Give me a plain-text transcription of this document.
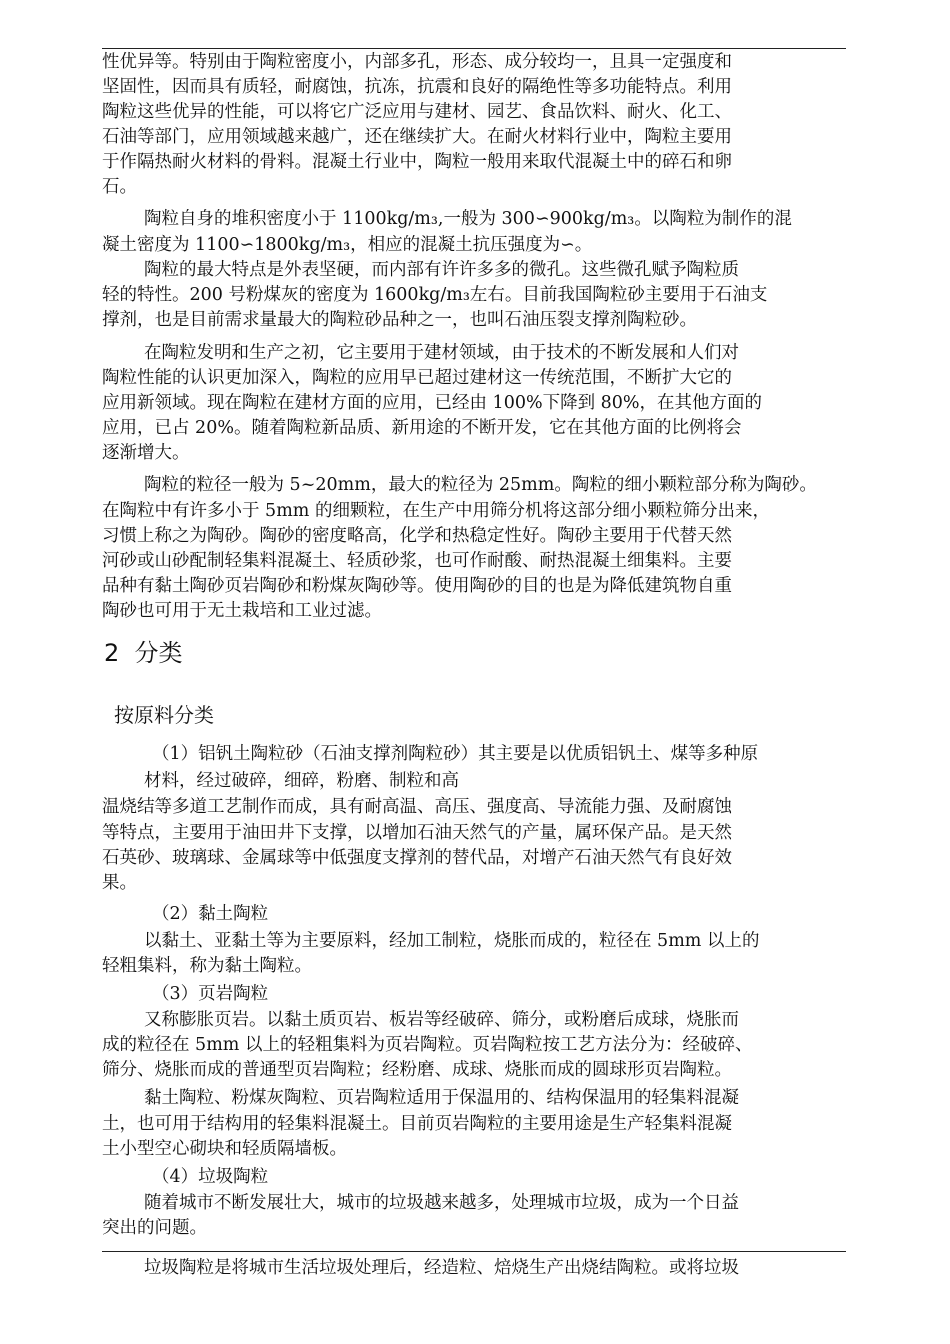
性优异等。特别由于陶粒密度小，内部多孔，形态、成分较均一，且具一定强度和
坚固性，因而具有质轻，耐腐蚀，抗冻，抗震和良好的隔绝性等多功能特点。利用
陶粒这些优异的性能，可以将它广泛应用与建材、园艺、食品饮料、耐火、化工、
石油等部门，应用领域越来越广，还在继续扩大。在耐火材料行业中，陶粒主要用
于作隔热耐火材料的骨料。混凝土行业中，陶粒一般用来取代混凝土中的碎石和卵
石。
陶粒自身的堆积密度小于 1100kg/m₃,一般为 300∽900kg/m₃。以陶粒为制作的混
凝土密度为 1100∽1800kg/m₃，相应的混凝土抗压强度为∽。
陶粒的最大特点是外表坚硬，而内部有许许多多的微孔。这些微孔赋予陶粒质
轻的特性。200 号粉煤灰的密度为 1600kg/m₃左右。目前我国陶粒砂主要用于石油支
撑剂，也是目前需求量最大的陶粒砂品种之一，也叫石油压裂支撑剂陶粒砂。
在陶粒发明和生产之初，它主要用于建材领域，由于技术的不断发展和人们对
陶粒性能的认识更加深入，陶粒的应用早已超过建材这一传统范围，不断扩大它的
应用新领域。现在陶粒在建材方面的应用，已经由 100%下降到 80%，在其他方面的
应用，已占 20%。随着陶粒新品质、新用途的不断开发，它在其他方面的比例将会
逐渐增大。
陶粒的粒径一般为 5~20mm，最大的粒径为 25mm。陶粒的细小颗粒部分称为陶砂。
在陶粒中有许多小于 5mm 的细颗粒，在生产中用筛分机将这部分细小颗粒筛分出来，
习惯上称之为陶砂。陶砂的密度略高，化学和热稳定性好。陶砂主要用于代替天然
河砂或山砂配制轻集料混凝土、轻质砂浆，也可作耐酸、耐热混凝土细集料。主要
品种有黏土陶砂页岩陶砂和粉煤灰陶砂等。使用陶砂的目的也是为降低建筑物自重
陶砂也可用于无土栽培和工业过滤。
2  分类
按原料分类
（1）铝钒土陶粒砂（石油支撑剂陶粒砂）其主要是以优质铝钒土、煤等多种原
材料，经过破碎，细碎，粉磨、制粒和高
温烧结等多道工艺制作而成，具有耐高温、高压、强度高、导流能力强、及耐腐蚀
等特点，主要用于油田井下支撑，以增加石油天然气的产量，属环保产品。是天然
石英砂、玻璃球、金属球等中低强度支撑剂的替代品，对增产石油天然气有良好效
果。
（2）黏土陶粒
以黏土、亚黏土等为主要原料，经加工制粒，烧胀而成的，粒径在 5mm 以上的
轻粗集料，称为黏土陶粒。
（3）页岩陶粒
又称膨胀页岩。以黏土质页岩、板岩等经破碎、筛分，或粉磨后成球，烧胀而
成的粒径在 5mm 以上的轻粗集料为页岩陶粒。页岩陶粒按工艺方法分为：经破碎、
筛分、烧胀而成的普通型页岩陶粒；经粉磨、成球、烧胀而成的圆球形页岩陶粒。
黏土陶粒、粉煤灰陶粒、页岩陶粒适用于保温用的、结构保温用的轻集料混凝
土，也可用于结构用的轻集料混凝土。目前页岩陶粒的主要用途是生产轻集料混凝
土小型空心砌块和轻质隔墙板。
（4）垃圾陶粒
随着城市不断发展壮大，城市的垃圾越来越多，处理城市垃圾，成为一个日益
突出的问题。
垃圾陶粒是将城市生活垃圾处理后，经造粒、焙烧生产出烧结陶粒。或将垃圾
